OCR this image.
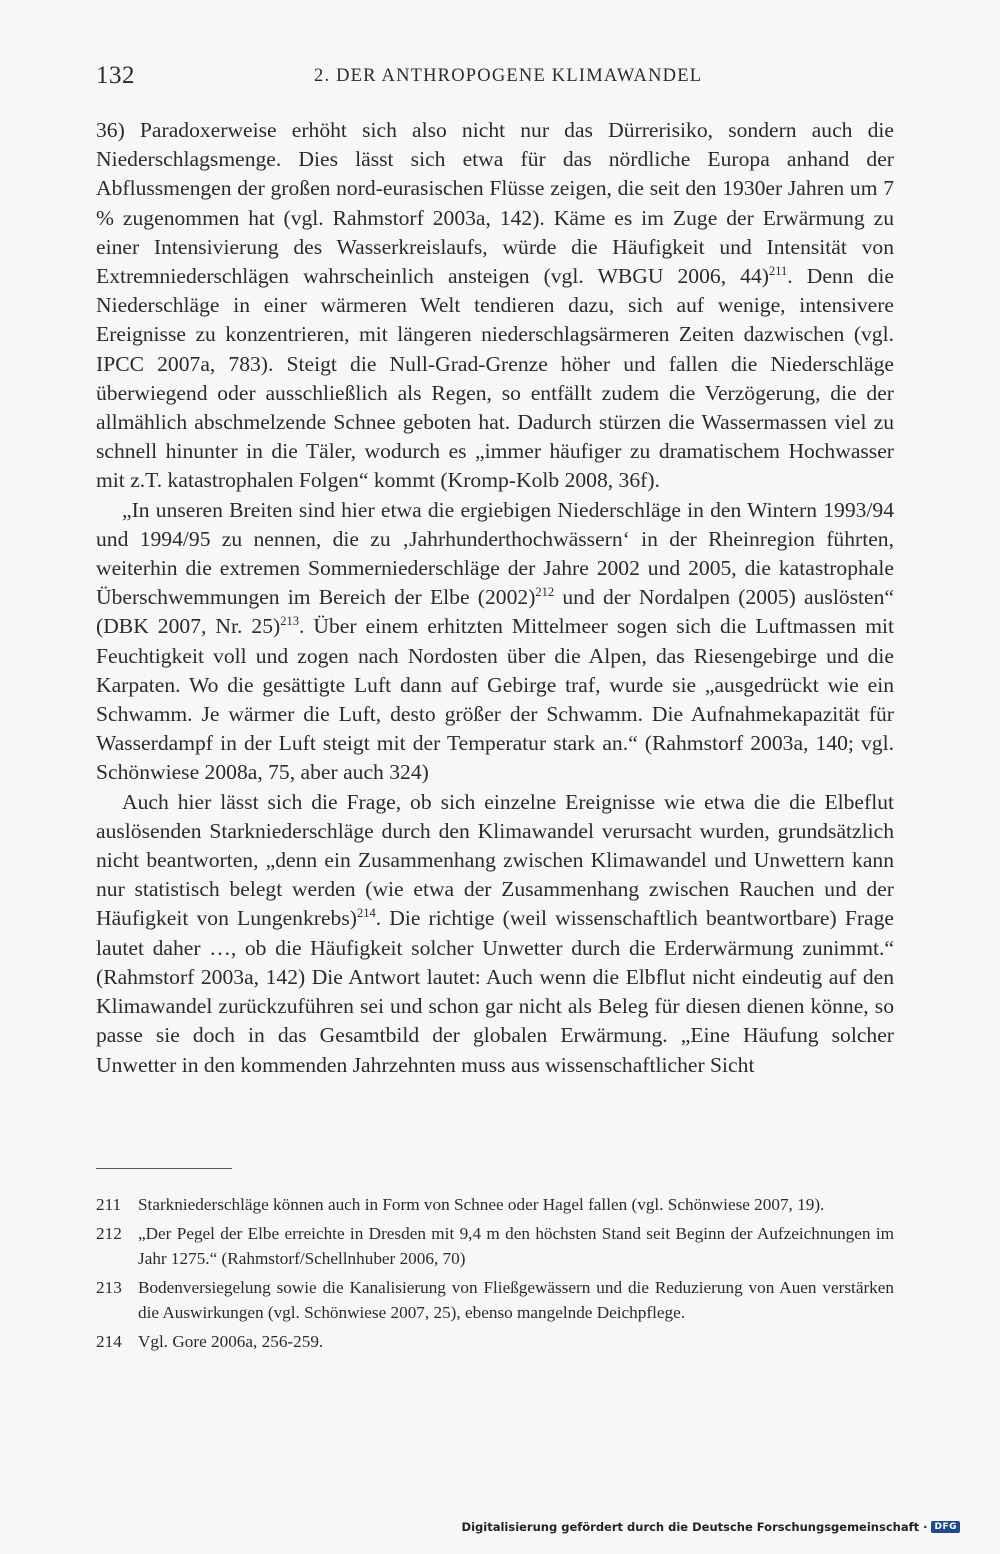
132	2. DER ANTHROPOGENE KLIMAWANDEL

36) Paradoxerweise erhöht sich also nicht nur das Dürrerisiko, sondern auch die Niederschlagsmenge. Dies lässt sich etwa für das nördliche Europa anhand der Abflussmengen der großen nord-eurasischen Flüsse zeigen, die seit den 1930er Jahren um 7 % zugenommen hat (vgl. Rahmstorf 2003a, 142). Käme es im Zuge der Erwärmung zu einer Intensivierung des Wasserkreislaufs, würde die Häufigkeit und Intensität von Extremniederschlägen wahrscheinlich ansteigen (vgl. WBGU 2006, 44)$^{211}$. Denn die Niederschläge in einer wärmeren Welt tendieren dazu, sich auf wenige, intensivere Ereignisse zu konzentrieren, mit längeren niederschlagsärmeren Zeiten dazwischen (vgl. IPCC 2007a, 783). Steigt die Null-Grad-Grenze höher und fallen die Niederschläge überwiegend oder ausschließlich als Regen, so entfällt zudem die Verzögerung, die der allmählich abschmelzende Schnee geboten hat. Dadurch stürzen die Wassermassen viel zu schnell hinunter in die Täler, wodurch es „immer häufiger zu dramatischem Hochwasser mit z.T. katastrophalen Folgen“ kommt (Kromp-Kolb 2008, 36f).

„In unseren Breiten sind hier etwa die ergiebigen Niederschläge in den Wintern 1993/94 und 1994/95 zu nennen, die zu ‚Jahrhunderthochwässern‘ in der Rheinregion führten, weiterhin die extremen Sommerniederschläge der Jahre 2002 und 2005, die katastrophale Überschwemmungen im Bereich der Elbe $(2002)^{212}$ und der Nordalpen (2005) auslösten“ (DBK 2007, Nr. 25)$^{213}$. Über einem erhitzten Mittelmeer sogen sich die Luftmassen mit Feuchtigkeit voll und zogen nach Nordosten über die Alpen, das Riesengebirge und die Karpaten. Wo die gesättigte Luft dann auf Gebirge traf, wurde sie „ausgedrückt wie ein Schwamm. Je wärmer die Luft, desto größer der Schwamm. Die Aufnahmekapazität für Wasserdampf in der Luft steigt mit der Temperatur stark an.“ (Rahmstorf 2003a, 140; vgl. Schönwiese 2008a, 75, aber auch 324)

Auch hier lässt sich die Frage, ob sich einzelne Ereignisse wie etwa die die Elbeflut auslösenden Starkniederschläge durch den Klimawandel verursacht wurden, grundsätzlich nicht beantworten, „denn ein Zusammenhang zwischen Klimawandel und Unwettern kann nur statistisch belegt werden (wie etwa der Zusammenhang zwischen Rauchen und der Häufigkeit von Lungenkrebs)$^{214}$. Die richtige (weil wissenschaftlich beantwortbare) Frage lautet daher …, ob die Häufigkeit solcher Unwetter durch die Erderwärmung zunimmt.“ (Rahmstorf 2003a, 142) Die Antwort lautet: Auch wenn die Elbflut nicht eindeutig auf den Klimawandel zurückzuführen sei und schon gar nicht als Beleg für diesen dienen könne, so passe sie doch in das Gesamtbild der globalen Erwärmung. „Eine Häufung solcher Unwetter in den kommenden Jahrzehnten muss aus wissenschaftlicher Sicht

211 Starkniederschläge können auch in Form von Schnee oder Hagel fallen (vgl. Schönwiese 2007, 19).
212 „Der Pegel der Elbe erreichte in Dresden mit 9,4 m den höchsten Stand seit Beginn der Aufzeichnungen im Jahr 1275.“ (Rahmstorf/Schellnhuber 2006, 70)
213 Bodenversiegelung sowie die Kanalisierung von Fließgewässern und die Reduzierung von Auen verstärken die Auswirkungen (vgl. Schönwiese 2007, 25), ebenso mangelnde Deichpflege.
214 Vgl. Gore 2006a, 256-259.
Digitalisierung gefördert durch die Deutsche Forschungsgemeinschaft · DFG
